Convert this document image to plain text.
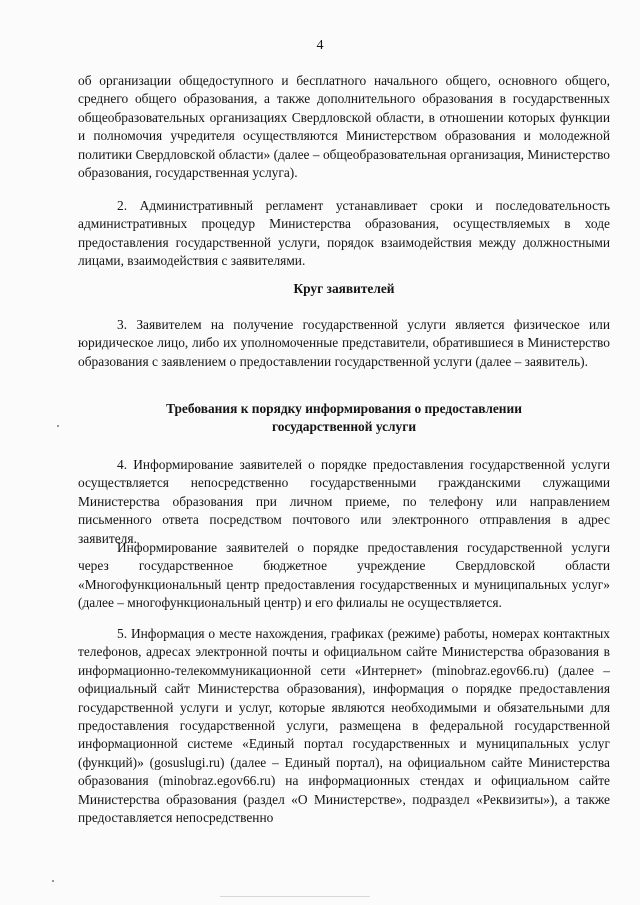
4

об организации общедоступного и бесплатного начального общего, основного общего, среднего общего образования, а также дополнительного образования в государственных общеобразовательных организациях Свердловской области, в отношении которых функции и полномочия учредителя осуществляются Министерством образования и молодежной политики Свердловской области» (далее – общеобразовательная организация, Министерство образования, государственная услуга).

2. Административный регламент устанавливает сроки и последовательность административных процедур Министерства образования, осуществляемых в ходе предоставления государственной услуги, порядок взаимодействия между должностными лицами, взаимодействия с заявителями.

Круг заявителей

3. Заявителем на получение государственной услуги является физическое или юридическое лицо, либо их уполномоченные представители, обратившиеся в Министерство образования с заявлением о предоставлении государственной услуги (далее – заявитель).

Требования к порядку информирования о предоставлении
государственной услуги

4. Информирование заявителей о порядке предоставления государственной услуги осуществляется непосредственно государственными гражданскими служащими Министерства образования при личном приеме, по телефону или направлением письменного ответа посредством почтового или электронного отправления в адрес заявителя.

Информирование заявителей о порядке предоставления государственной услуги через государственное бюджетное учреждение Свердловской области «Многофункциональный центр предоставления государственных и муниципальных услуг» (далее – многофункциональный центр) и его филиалы не осуществляется.

5. Информация о месте нахождения, графиках (режиме) работы, номерах контактных телефонов, адресах электронной почты и официальном сайте Министерства образования в информационно-телекоммуникационной сети «Интернет» (minobraz.egov66.ru) (далее – официальный сайт Министерства образования), информация о порядке предоставления государственной услуги и услуг, которые являются необходимыми и обязательными для предоставления государственной услуги, размещена в федеральной государственной информационной системе «Единый портал государственных и муниципальных услуг (функций)» (gosuslugi.ru) (далее – Единый портал), на официальном сайте Министерства образования (minobraz.egov66.ru) на информационных стендах и официальном сайте Министерства образования (раздел «О Министерстве», подраздел «Реквизиты»), а также предоставляется непосредственно
